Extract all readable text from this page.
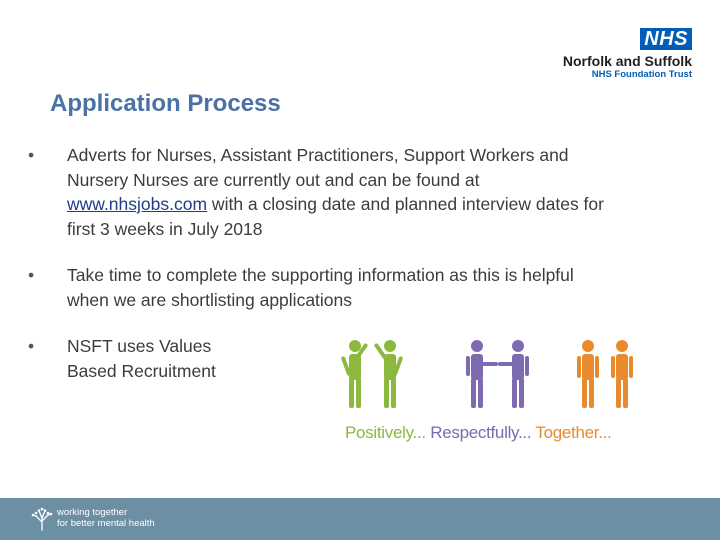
NHS
Norfolk and Suffolk
NHS Foundation Trust
Application Process
• Adverts for Nurses, Assistant Practitioners, Support Workers and Nursery Nurses are currently out and can be found at www.nhsjobs.com with a closing date and planned interview dates for first 3 weeks in July 2018
• Take time to complete the supporting information as this is helpful when we are shortlisting applications
• NSFT uses Values Based Recruitment
Positively... Respectfully... Together...
working together
for better mental health
